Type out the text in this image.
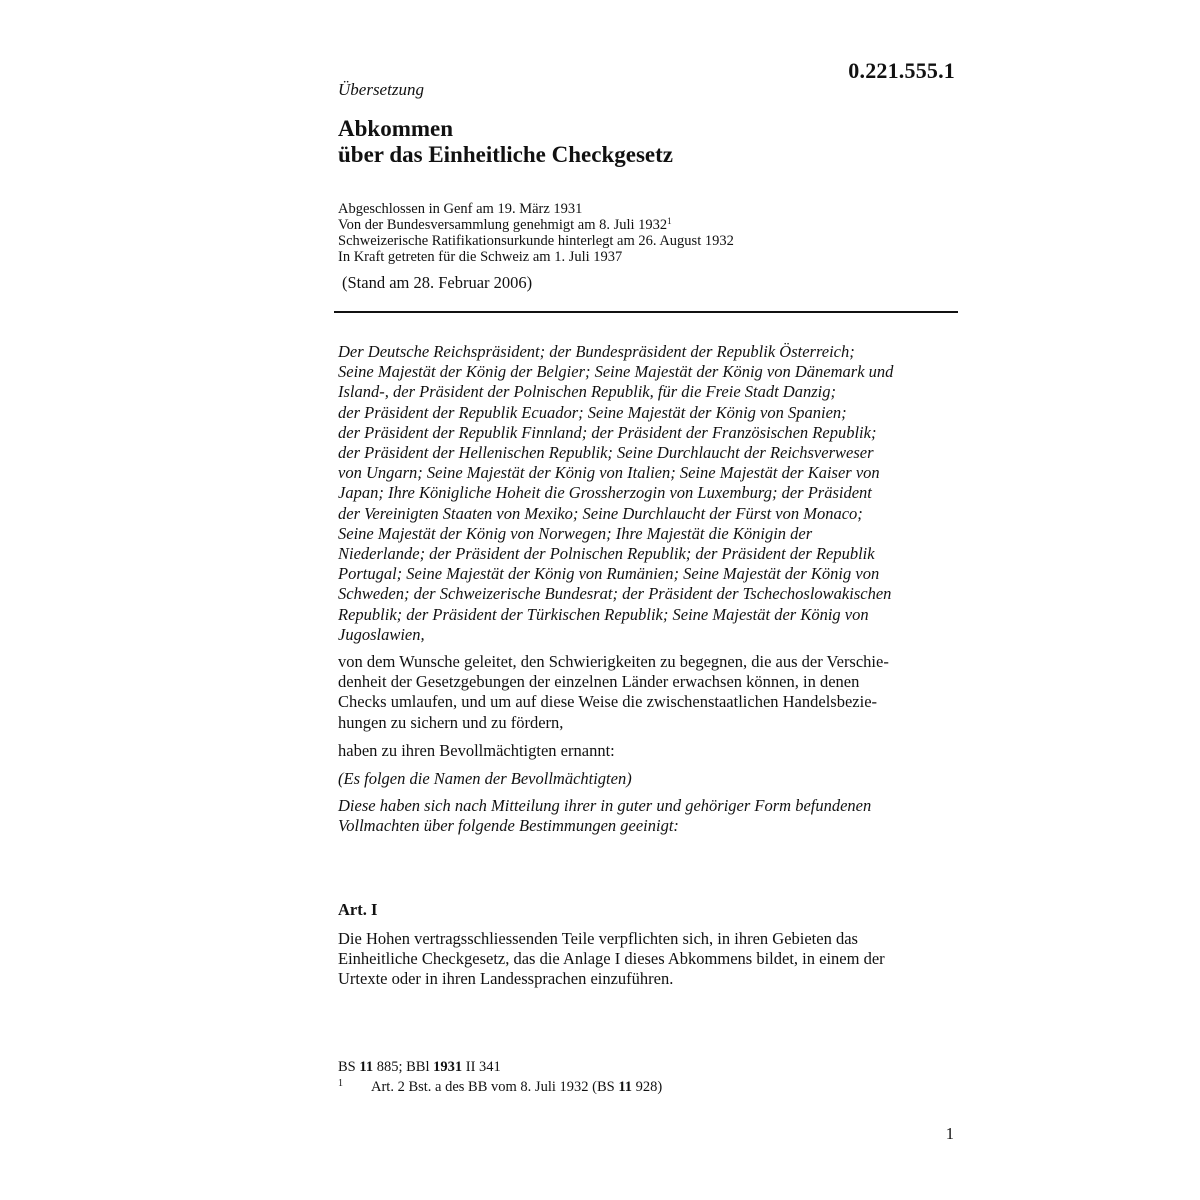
0.221.555.1
Übersetzung
Abkommen
über das Einheitliche Checkgesetz
Abgeschlossen in Genf am 19. März 1931
Von der Bundesversammlung genehmigt am 8. Juli 1932$^1$
Schweizerische Ratifikationsurkunde hinterlegt am 26. August 1932
In Kraft getreten für die Schweiz am 1. Juli 1937
(Stand am 28. Februar 2006)
Der Deutsche Reichspräsident; der Bundespräsident der Republik Österreich;
Seine Majestät der König der Belgier; Seine Majestät der König von Dänemark und
Island-, der Präsident der Polnischen Republik, für die Freie Stadt Danzig;
der Präsident der Republik Ecuador; Seine Majestät der König von Spanien;
der Präsident der Republik Finnland; der Präsident der Französischen Republik;
der Präsident der Hellenischen Republik; Seine Durchlaucht der Reichsverweser
von Ungarn; Seine Majestät der König von Italien; Seine Majestät der Kaiser von
Japan; Ihre Königliche Hoheit die Grossherzogin von Luxemburg; der Präsident
der Vereinigten Staaten von Mexiko; Seine Durchlaucht der Fürst von Monaco;
Seine Majestät der König von Norwegen; Ihre Majestät die Königin der
Niederlande; der Präsident der Polnischen Republik; der Präsident der Republik
Portugal; Seine Majestät der König von Rumänien; Seine Majestät der König von
Schweden; der Schweizerische Bundesrat; der Präsident der Tschechoslowakischen
Republik; der Präsident der Türkischen Republik; Seine Majestät der König von
Jugoslawien,
von dem Wunsche geleitet, den Schwierigkeiten zu begegnen, die aus der Verschie-
denheit der Gesetzgebungen der einzelnen Länder erwachsen können, in denen
Checks umlaufen, und um auf diese Weise die zwischenstaatlichen Handelsbezie-
hungen zu sichern und zu fördern,
haben zu ihren Bevollmächtigten ernannt:
(Es folgen die Namen der Bevollmächtigten)
Diese haben sich nach Mitteilung ihrer in guter und gehöriger Form befundenen
Vollmachten über folgende Bestimmungen geeinigt:
Art. I
Die Hohen vertragsschliessenden Teile verpflichten sich, in ihren Gebieten das
Einheitliche Checkgesetz, das die Anlage I dieses Abkommens bildet, in einem der
Urtexte oder in ihren Landessprachen einzuführen.
BS 11 885; BBl 1931 II 341
1 Art. 2 Bst. a des BB vom 8. Juli 1932 (BS 11 928)
1
